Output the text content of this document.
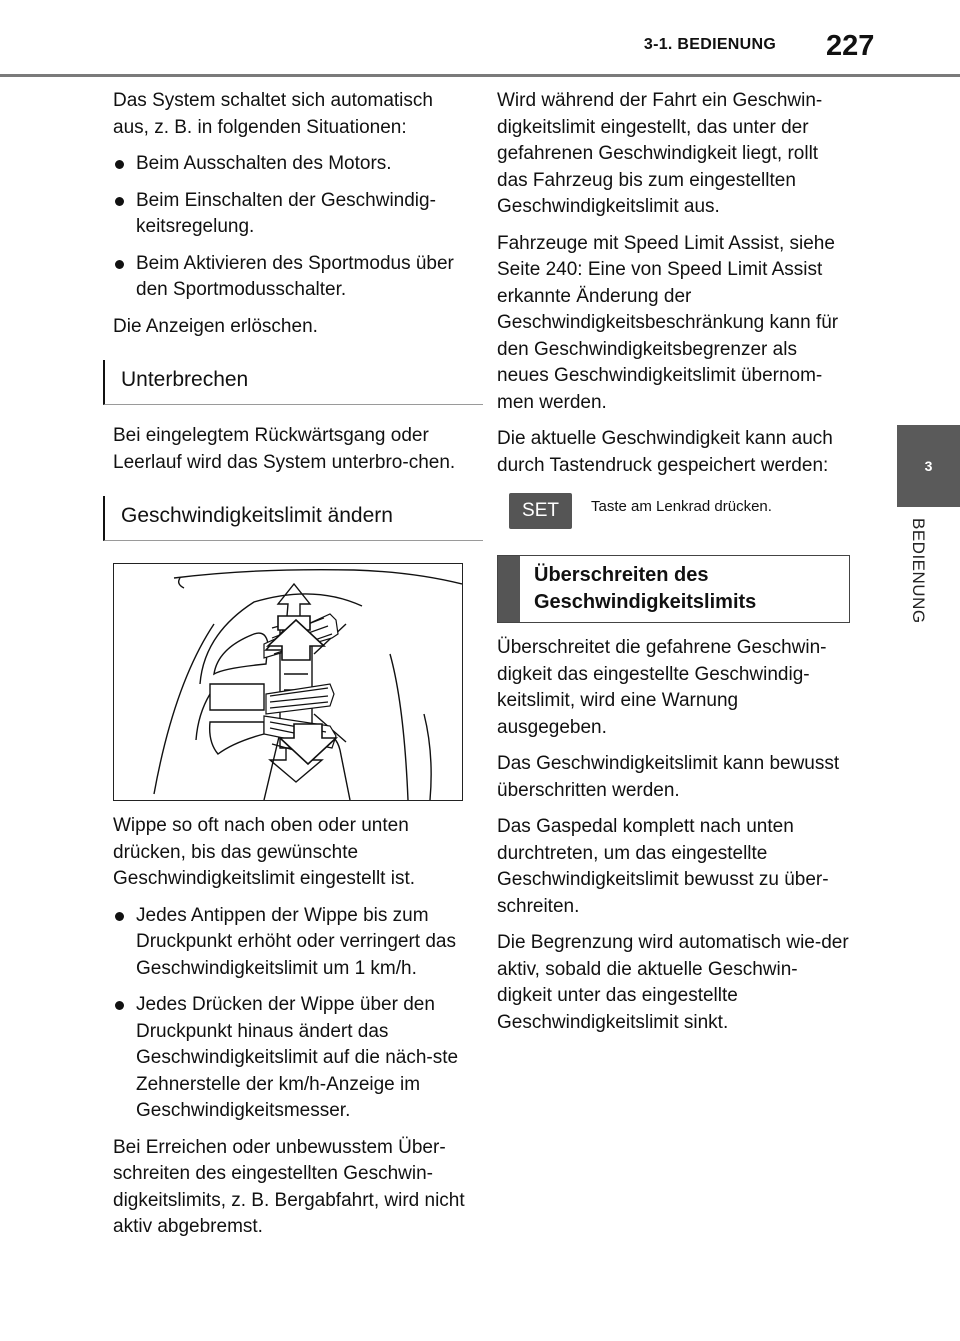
3-1. BEDIENUNG 227
3
BEDIENUNG

Das System schaltet sich automatisch aus, z. B. in folgenden Situationen:

Beim Ausschalten des Motors.
Beim Einschalten der Geschwindig-keitsregelung.
Beim Aktivieren des Sportmodus über den Sportmodusschalter.

Die Anzeigen erlöschen.

Unterbrechen

Bei eingelegtem Rückwärtsgang oder Leerlauf wird das System unterbro-chen.

Geschwindigkeitslimit ändern

Wippe so oft nach oben oder unten drücken, bis das gewünschte Geschwindigkeitslimit eingestellt ist.

Jedes Antippen der Wippe bis zum Druckpunkt erhöht oder verringert das Geschwindigkeitslimit um 1 km/h.
Jedes Drücken der Wippe über den Druckpunkt hinaus ändert das Geschwindigkeitslimit auf die näch-ste Zehnerstelle der km/h-Anzeige im Geschwindigkeitsmesser.

Bei Erreichen oder unbewusstem Über-schreiten des eingestellten Geschwin-digkeitslimits, z. B. Bergabfahrt, wird nicht aktiv abgebremst.

Wird während der Fahrt ein Geschwin-digkeitslimit eingestellt, das unter der gefahrenen Geschwindigkeit liegt, rollt das Fahrzeug bis zum eingestellten Geschwindigkeitslimit aus.

Fahrzeuge mit Speed Limit Assist, siehe Seite 240: Eine von Speed Limit Assist erkannte Änderung der Geschwindigkeitsbeschränkung kann für den Geschwindigkeitsbegrenzer als neues Geschwindigkeitslimit übernom-men werden.

Die aktuelle Geschwindigkeit kann auch durch Tastendruck gespeichert werden:

SET	Taste am Lenkrad drücken.
Überschreiten des Geschwindigkeitslimits

Überschreitet die gefahrene Geschwin-digkeit das eingestellte Geschwindig-keitslimit, wird eine Warnung ausgegeben.

Das Geschwindigkeitslimit kann bewusst überschritten werden.

Das Gaspedal komplett nach unten durchtreten, um das eingestellte Geschwindigkeitslimit bewusst zu über-schreiten.

Die Begrenzung wird automatisch wie-der aktiv, sobald die aktuelle Geschwin-digkeit unter das eingestellte Geschwindigkeitslimit sinkt.
